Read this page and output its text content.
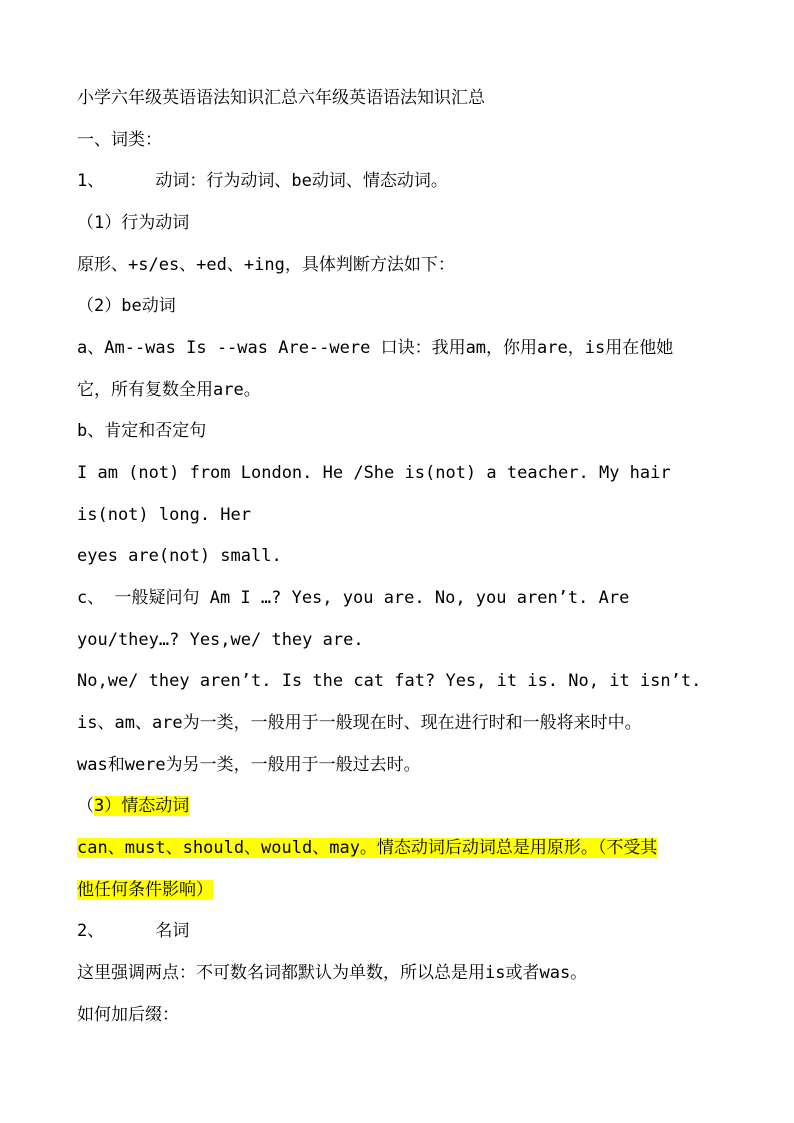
小学六年级英语语法知识汇总六年级英语语法知识汇总
一、词类：
1、     动词：行为动词、be动词、情态动词。
（1）行为动词
原形、+s/es、+ed、+ing，具体判断方法如下：
（2）be动词
a、Am--was Is --was Are--were 口诀：我用am，你用are，is用在他她
它，所有复数全用are。
b、肯定和否定句
I am (not) from London. He /She is(not) a teacher. My hair
is(not) long. Her
eyes are(not) small.
c、 一般疑问句 Am I …? Yes, you are. No, you aren’t. Are
you/they…? Yes,we/ they are.
No,we/ they aren’t. Is the cat fat? Yes, it is. No, it isn’t.
is、am、are为一类，一般用于一般现在时、现在进行时和一般将来时中。
was和were为另一类，一般用于一般过去时。
（3）情态动词
can、must、should、would、may。情态动词后动词总是用原形。（不受其
他任何条件影响）
2、     名词
这里强调两点：不可数名词都默认为单数，所以总是用is或者was。
如何加后缀：
